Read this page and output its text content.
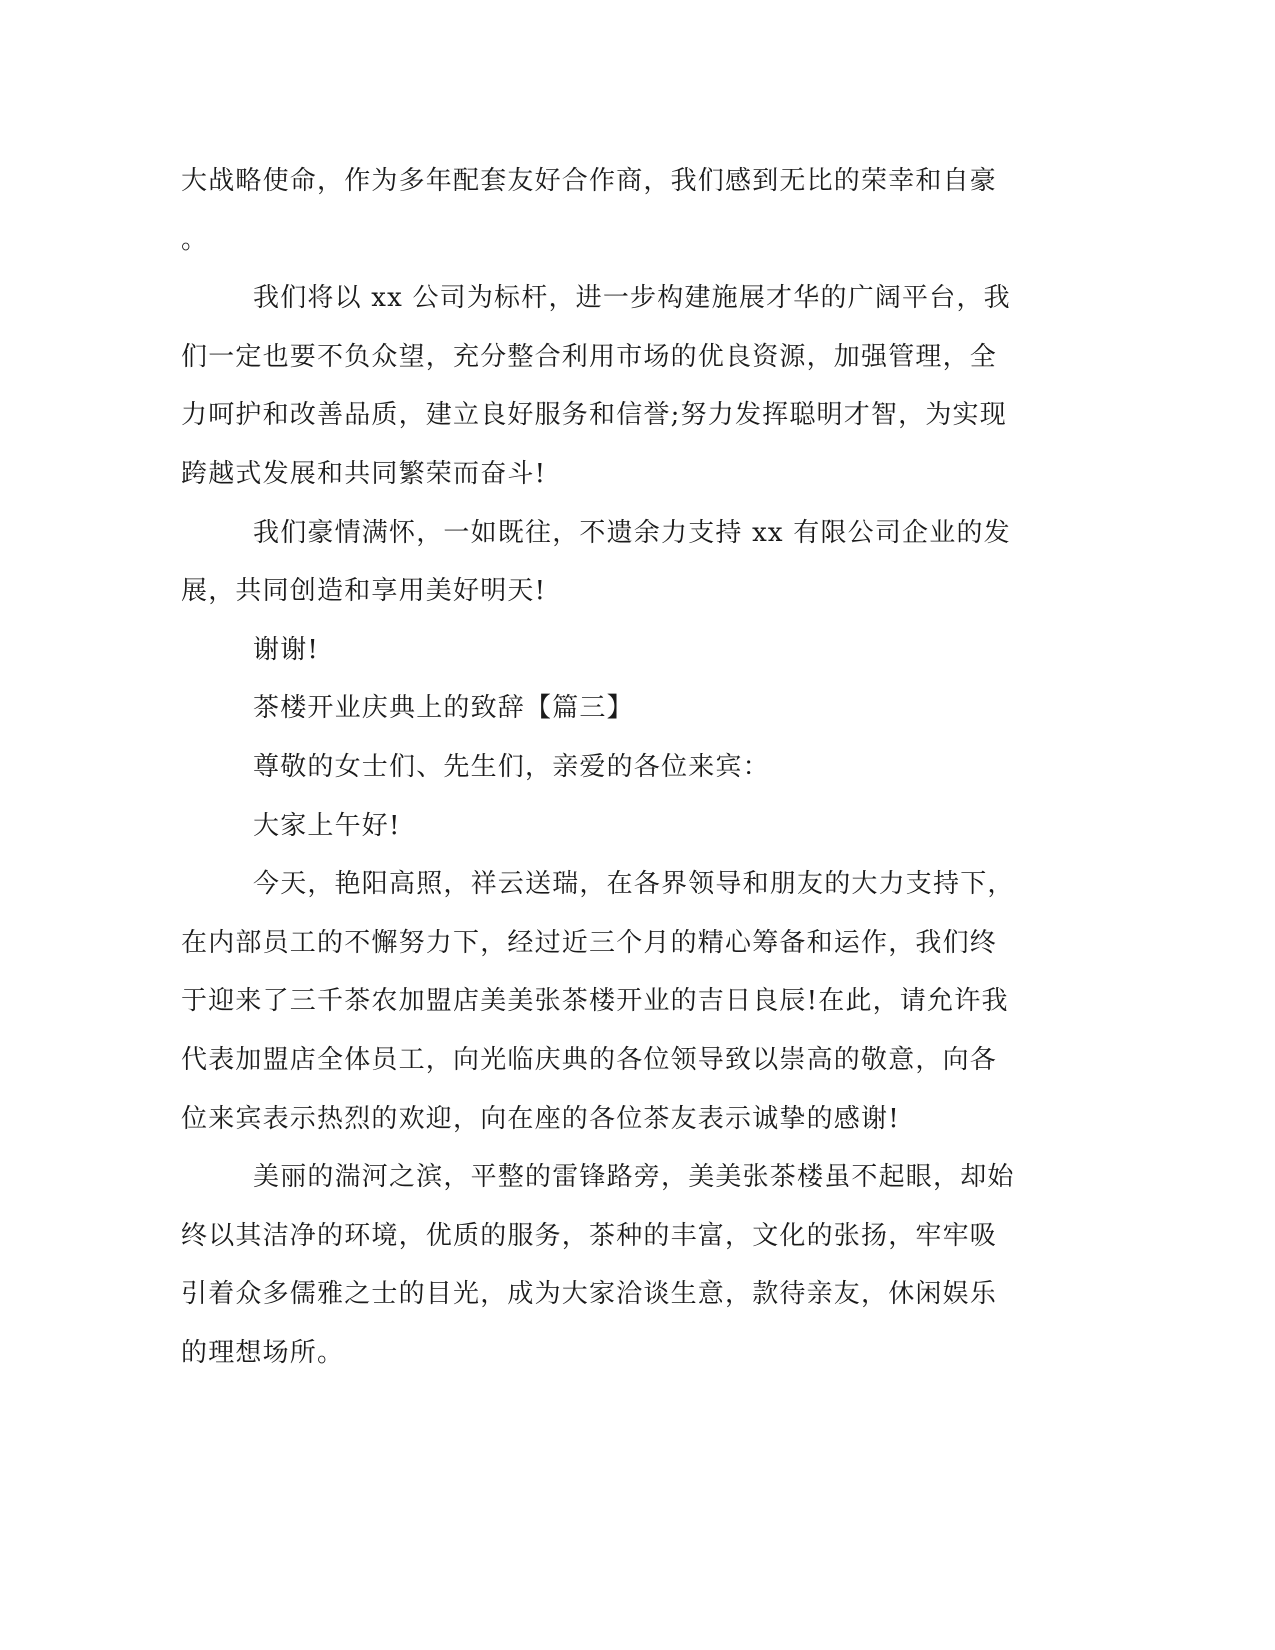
大战略使命，作为多年配套友好合作商，我们感到无比的荣幸和自豪
。
我们将以 xx 公司为标杆，进一步构建施展才华的广阔平台，我
们一定也要不负众望，充分整合利用市场的优良资源，加强管理，全
力呵护和改善品质，建立良好服务和信誉;努力发挥聪明才智，为实现
跨越式发展和共同繁荣而奋斗!
我们豪情满怀，一如既往，不遗余力支持 xx 有限公司企业的发
展，共同创造和享用美好明天!
谢谢!
茶楼开业庆典上的致辞【篇三】
尊敬的女士们、先生们，亲爱的各位来宾：
大家上午好!
今天，艳阳高照，祥云送瑞，在各界领导和朋友的大力支持下，
在内部员工的不懈努力下，经过近三个月的精心筹备和运作，我们终
于迎来了三千茶农加盟店美美张茶楼开业的吉日良辰!在此，请允许我
代表加盟店全体员工，向光临庆典的各位领导致以崇高的敬意，向各
位来宾表示热烈的欢迎，向在座的各位茶友表示诚挚的感谢!
美丽的湍河之滨，平整的雷锋路旁，美美张茶楼虽不起眼，却始
终以其洁净的环境，优质的服务，茶种的丰富，文化的张扬，牢牢吸
引着众多儒雅之士的目光，成为大家洽谈生意，款待亲友，休闲娱乐
的理想场所。
